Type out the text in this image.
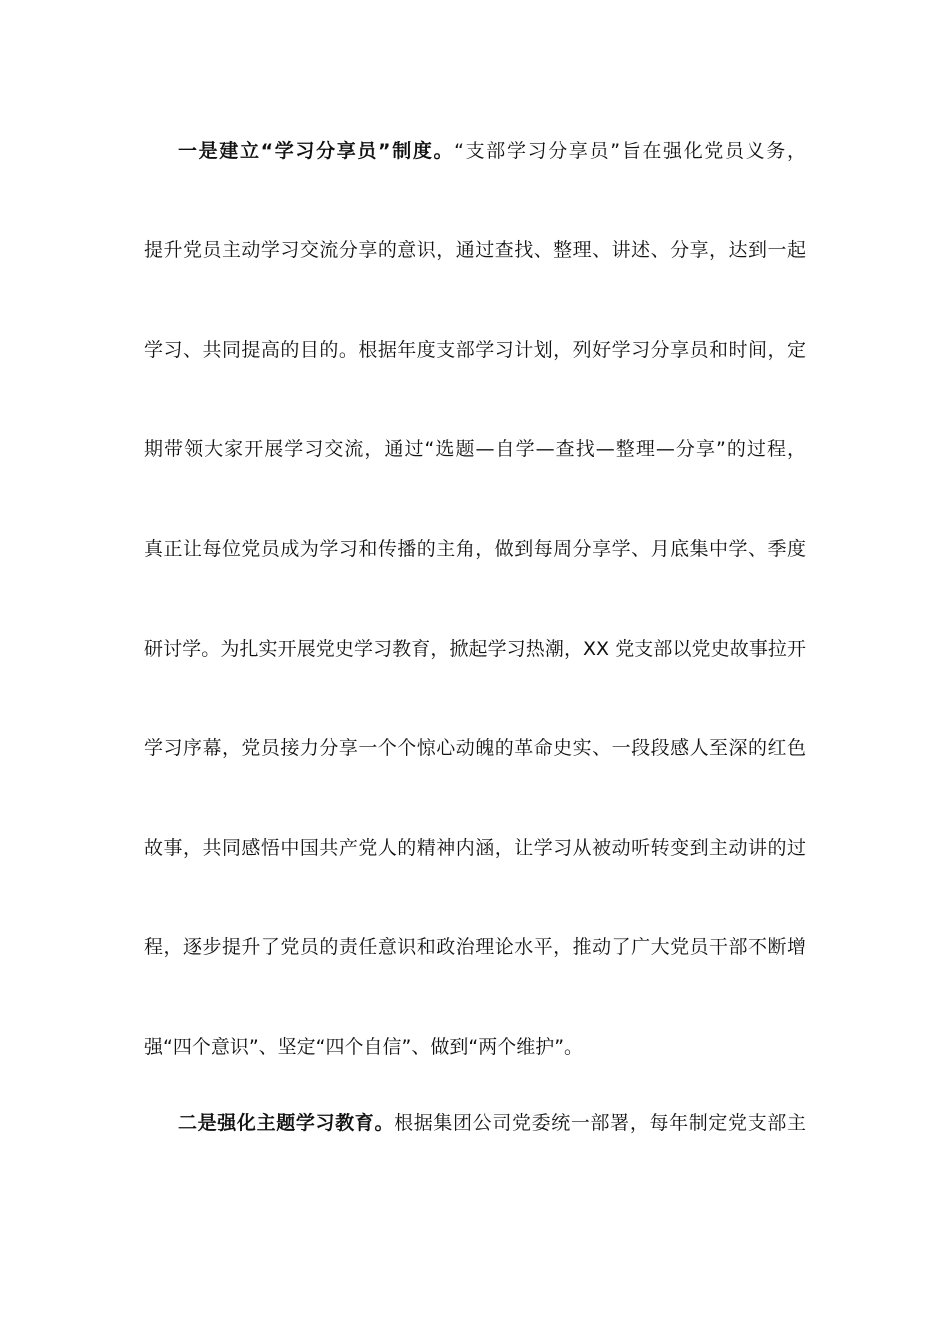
一是建立“学习分享员”制度。“支部学习分享员”旨在强化党员义务，
提升党员主动学习交流分享的意识，通过查找、整理、讲述、分享，达到一起
学习、共同提高的目的。根据年度支部学习计划，列好学习分享员和时间，定
期带领大家开展学习交流，通过“选题—自学—查找—整理—分享”的过程，
真正让每位党员成为学习和传播的主角，做到每周分享学、月底集中学、季度
研讨学。为扎实开展党史学习教育，掀起学习热潮，XX 党支部以党史故事拉开
学习序幕，党员接力分享一个个惊心动魄的革命史实、一段段感人至深的红色
故事，共同感悟中国共产党人的精神内涵，让学习从被动听转变到主动讲的过
程，逐步提升了党员的责任意识和政治理论水平，推动了广大党员干部不断增
强“四个意识”、坚定“四个自信”、做到“两个维护”。
二是强化主题学习教育。根据集团公司党委统一部署，每年制定党支部主
